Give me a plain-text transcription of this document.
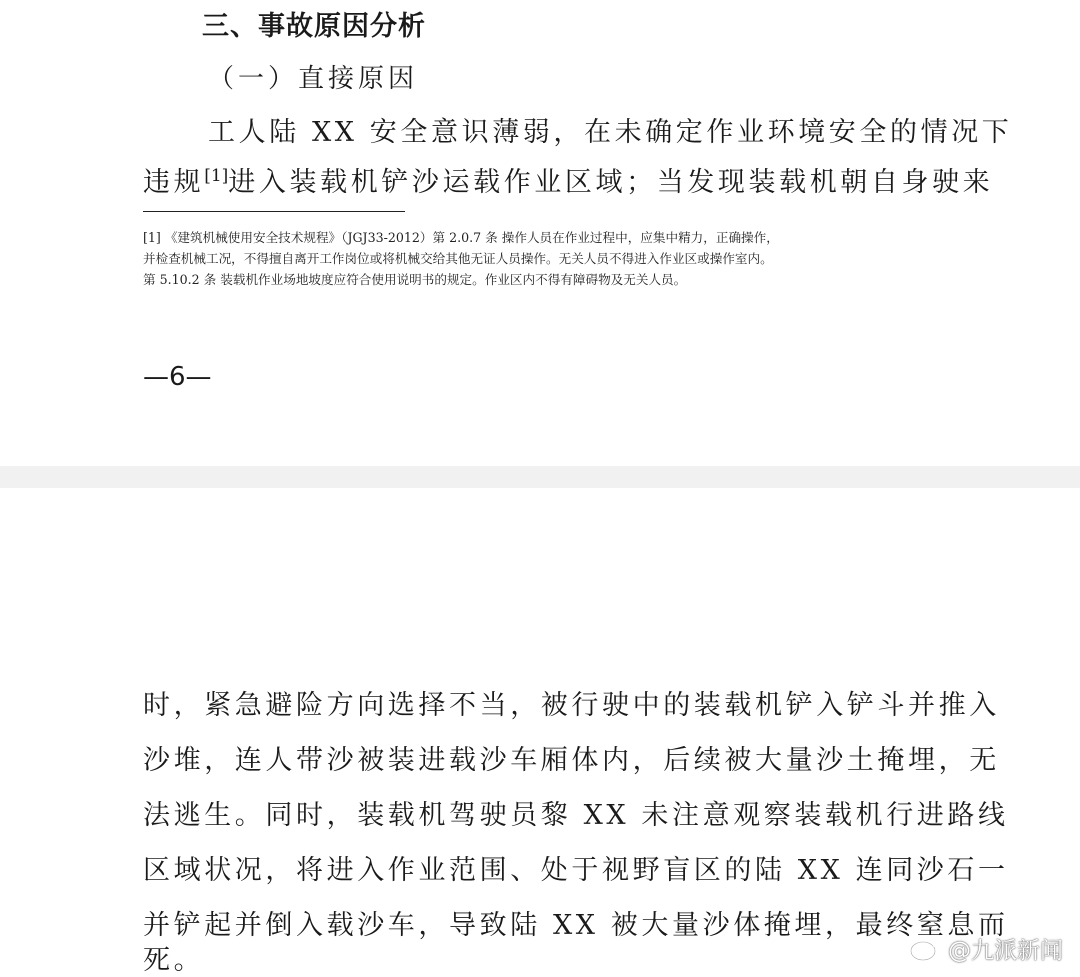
三、事故原因分析
（一）直接原因
工人陆 XX 安全意识薄弱，在未确定作业环境安全的情况下
违规[1]进入装载机铲沙运载作业区域；当发现装载机朝自身驶来
[1] 《建筑机械使用安全技术规程》（JGJ33-2012）第 2.0.7 条 操作人员在作业过程中，应集中精力，正确操作，
并检查机械工况，不得擅自离开工作岗位或将机械交给其他无证人员操作。无关人员不得进入作业区或操作室内。
第 5.10.2 条 装载机作业场地坡度应符合使用说明书的规定。作业区内不得有障碍物及无关人员。
—6—
时，紧急避险方向选择不当，被行驶中的装载机铲入铲斗并推入
沙堆，连人带沙被装进载沙车厢体内，后续被大量沙土掩埋，无
法逃生。同时，装载机驾驶员黎 XX 未注意观察装载机行进路线
区域状况，将进入作业范围、处于视野盲区的陆 XX 连同沙石一
并铲起并倒入载沙车，导致陆 XX 被大量沙体掩埋，最终窒息而
死。	@九派新闻
